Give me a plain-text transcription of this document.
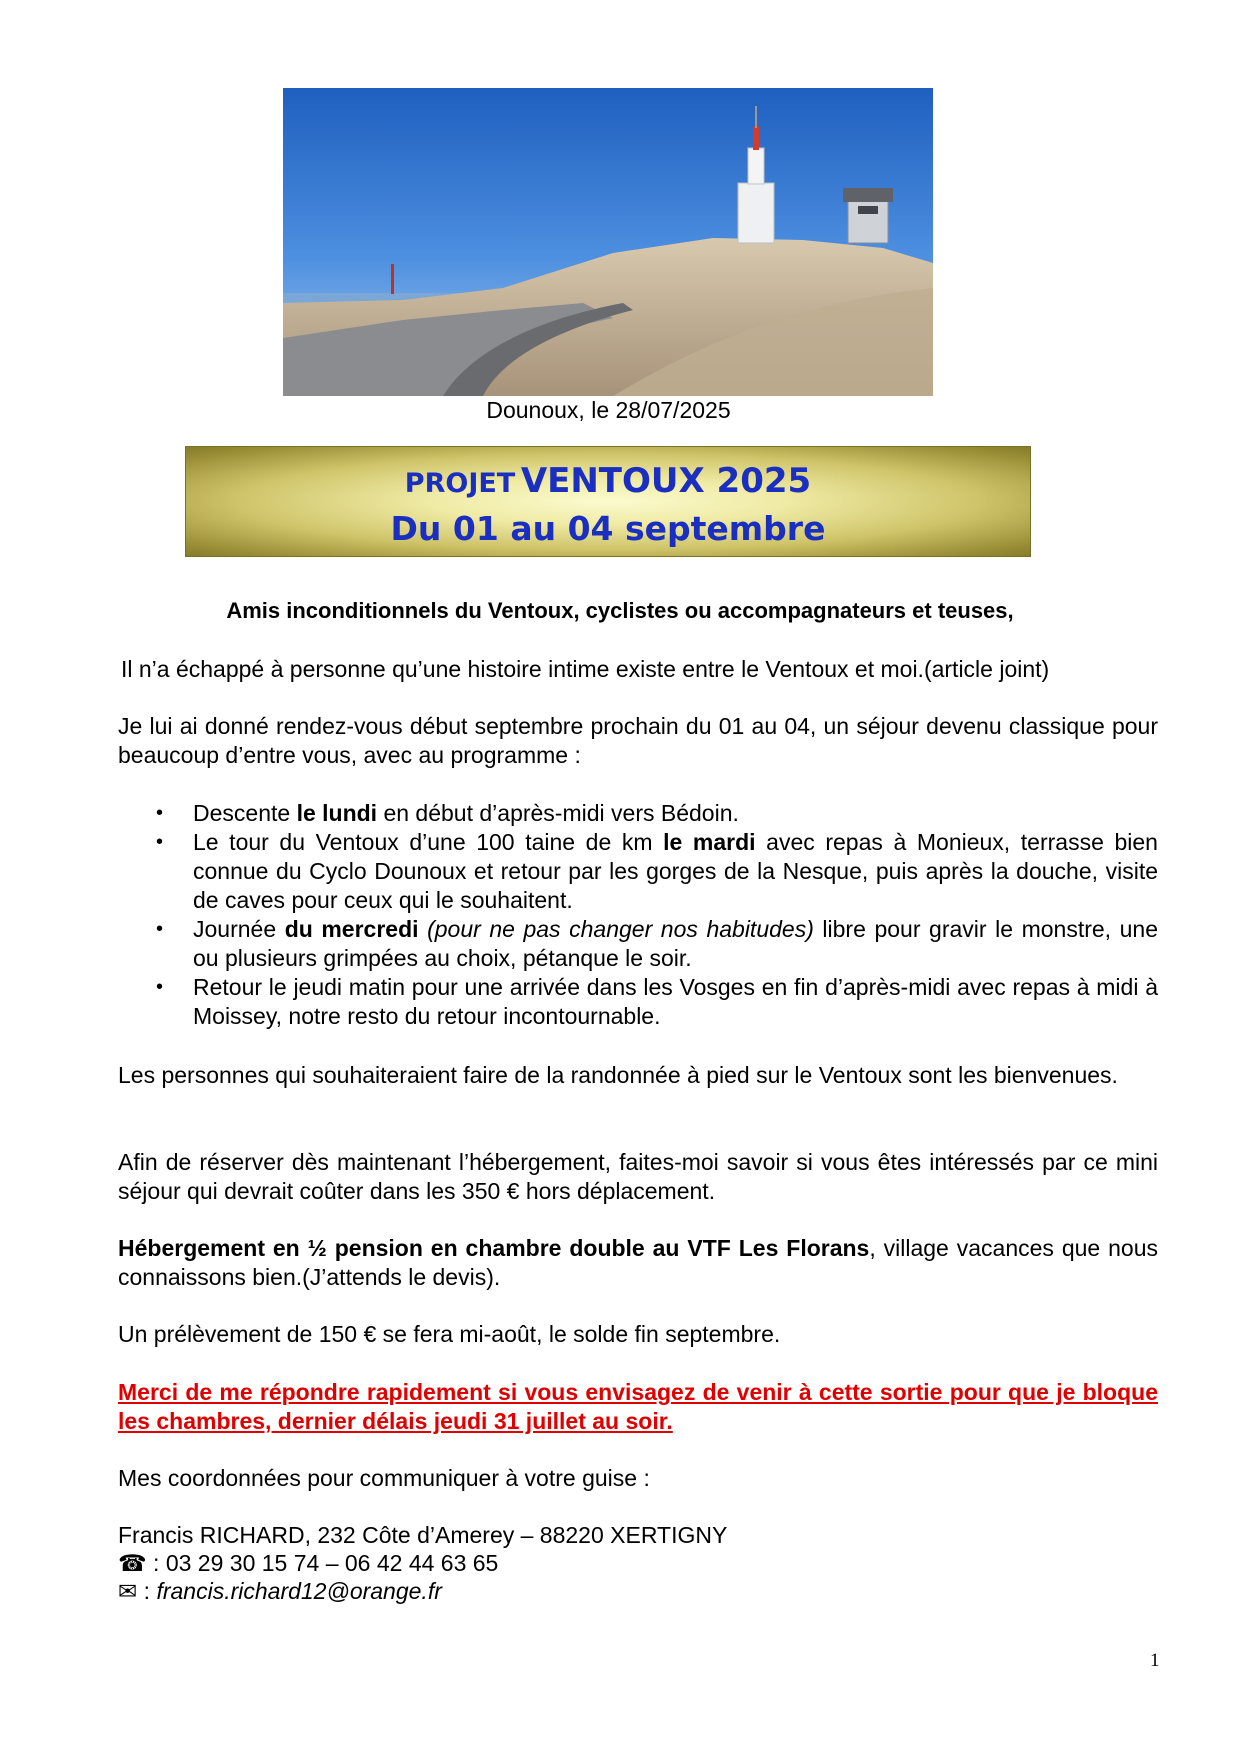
Dounoux, le 28/07/2025
PROJET VENTOUX 2025
Du 01 au 04 septembre
Amis inconditionnels du Ventoux, cyclistes ou accompagnateurs et teuses,
Il n’a échappé à personne qu’une histoire intime existe entre le Ventoux et moi.(article joint)
Je lui ai donné rendez-vous début septembre prochain du 01 au 04, un séjour devenu classique pour beaucoup d’entre vous, avec au programme :
• Descente le lundi en début d’après-midi vers Bédoin.
• Le tour du Ventoux d’une 100 taine de km le mardi avec repas à Monieux, terrasse bien connue du Cyclo Dounoux et retour par les gorges de la Nesque, puis après la douche, visite de caves pour ceux qui le souhaitent.
• Journée du mercredi (pour ne pas changer nos habitudes) libre pour gravir le monstre, une ou plusieurs grimpées au choix, pétanque le soir.
• Retour le jeudi matin pour une arrivée dans les Vosges en fin d’après-midi avec repas à midi à Moissey, notre resto du retour incontournable.
Les personnes qui souhaiteraient faire de la randonnée à pied sur le Ventoux sont les bienvenues.
Afin de réserver dès maintenant l’hébergement, faites-moi savoir si vous êtes intéressés par ce mini séjour qui devrait coûter dans les 350 € hors déplacement.
Hébergement en ½ pension en chambre double au VTF Les Florans, village vacances que nous connaissons bien.(J’attends le devis).
Un prélèvement de 150 € se fera mi-août, le solde fin septembre.
Merci de me répondre rapidement si vous envisagez de venir à cette sortie pour que je bloque les chambres, dernier délais jeudi 31 juillet au soir.
Mes coordonnées pour communiquer à votre guise :
Francis RICHARD, 232 Côte d’Amerey – 88220 XERTIGNY
☎ : 03 29 30 15 74 – 06 42 44 63 65
✉ : francis.richard12@orange.fr
1
